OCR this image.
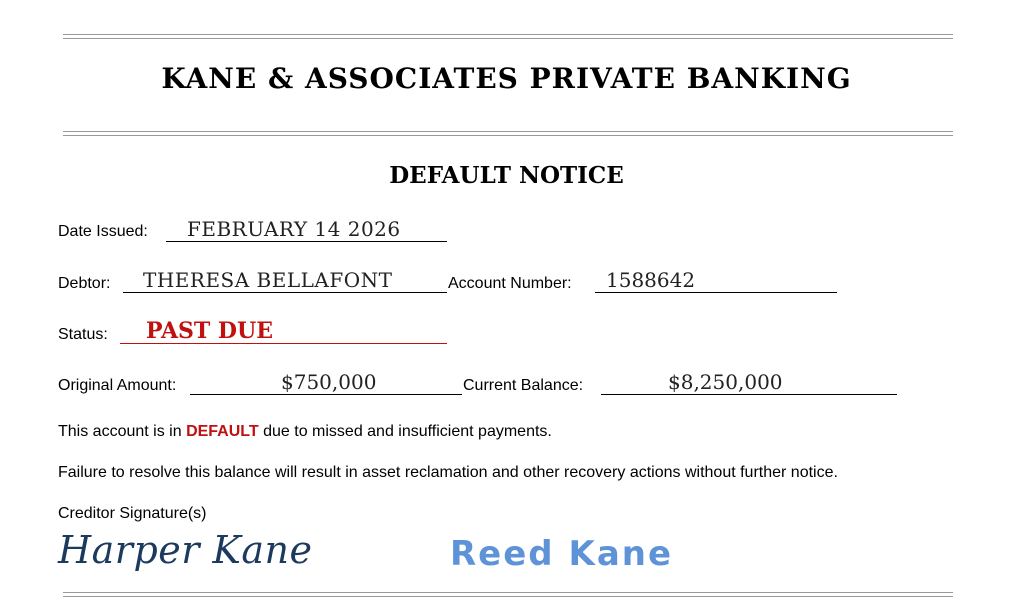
KANE & ASSOCIATES PRIVATE BANKING
DEFAULT NOTICE
Date Issued: FEBRUARY 14 2026
Debtor: THERESA BELLAFONT	Account Number: 1588642
Status: PAST DUE
Original Amount:	$750,000	Current Balance:	$8,250,000

This account is in DEFAULT due to missed and insufficient payments.

Failure to resolve this balance will result in asset reclamation and other recovery actions without further notice.

Creditor Signature(s)

Harper Kane	Reed Kane
